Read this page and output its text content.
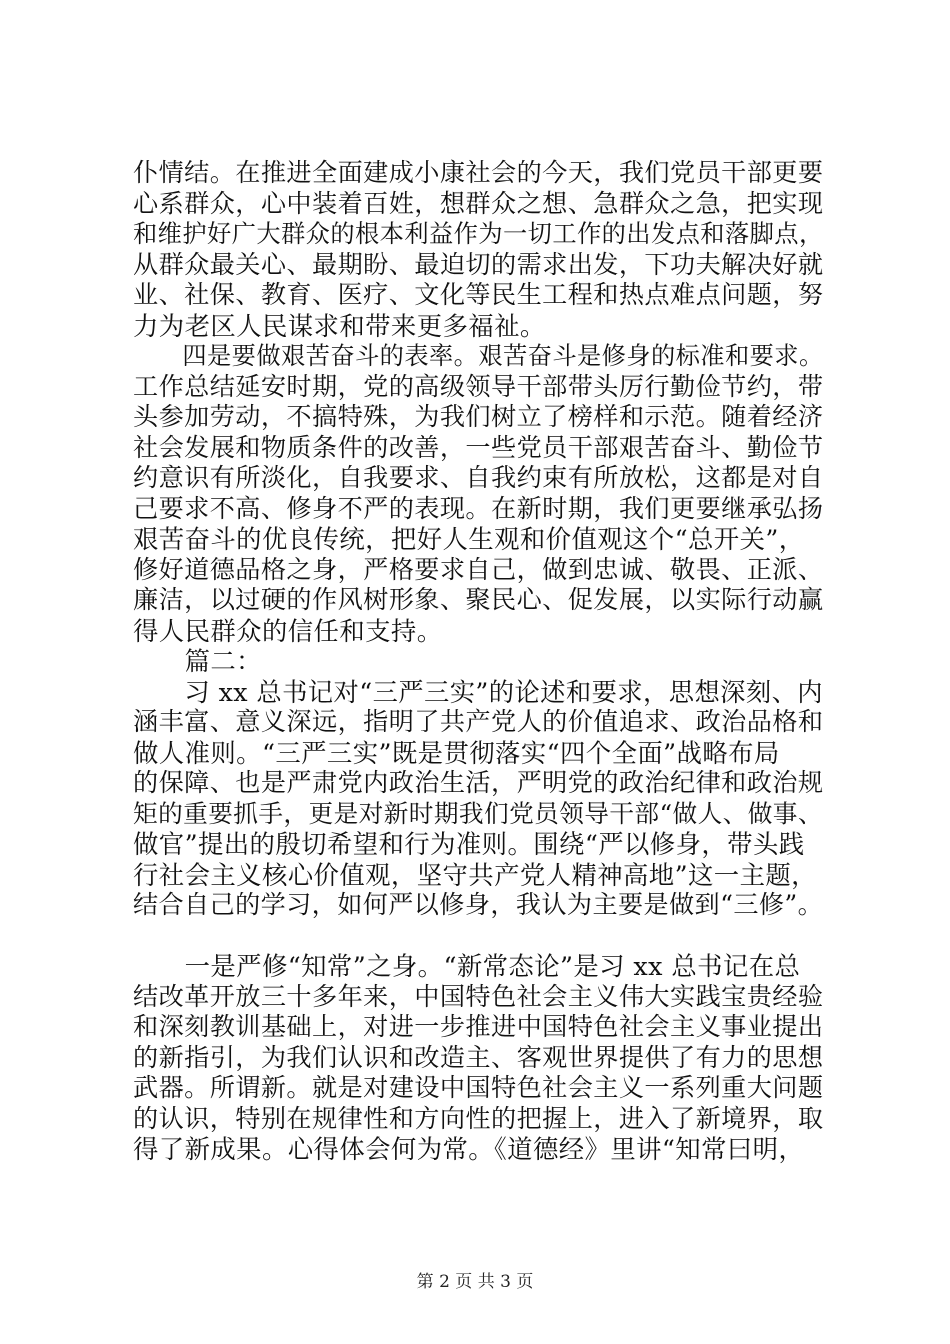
仆情结。在推进全面建成小康社会的今天，我们党员干部更要
心系群众，心中装着百姓，想群众之想、急群众之急，把实现
和维护好广大群众的根本利益作为一切工作的出发点和落脚点，
从群众最关心、最期盼、最迫切的需求出发，下功夫解决好就
业、社保、教育、医疗、文化等民生工程和热点难点问题，努
力为老区人民谋求和带来更多福祉。
　　四是要做艰苦奋斗的表率。艰苦奋斗是修身的标准和要求。
工作总结延安时期，党的高级领导干部带头厉行勤俭节约，带
头参加劳动，不搞特殊，为我们树立了榜样和示范。随着经济
社会发展和物质条件的改善，一些党员干部艰苦奋斗、勤俭节
约意识有所淡化，自我要求、自我约束有所放松，这都是对自
己要求不高、修身不严的表现。在新时期，我们更要继承弘扬
艰苦奋斗的优良传统，把好人生观和价值观这个“总开关”，
修好道德品格之身，严格要求自己，做到忠诚、敬畏、正派、
廉洁，以过硬的作风树形象、聚民心、促发展，以实际行动赢
得人民群众的信任和支持。
　　篇二：
　　习 xx 总书记对“三严三实”的论述和要求，思想深刻、内
涵丰富、意义深远，指明了共产党人的价值追求、政治品格和
做人准则。“三严三实”既是贯彻落实“四个全面”战略布局
的保障、也是严肃党内政治生活，严明党的政治纪律和政治规
矩的重要抓手，更是对新时期我们党员领导干部“做人、做事、
做官”提出的殷切希望和行为准则。围绕“严以修身，带头践
行社会主义核心价值观，坚守共产党人精神高地”这一主题，
结合自己的学习，如何严以修身，我认为主要是做到“三修”。
　　一是严修“知常”之身。“新常态论”是习 xx 总书记在总
结改革开放三十多年来，中国特色社会主义伟大实践宝贵经验
和深刻教训基础上，对进一步推进中国特色社会主义事业提出
的新指引，为我们认识和改造主、客观世界提供了有力的思想
武器。所谓新。就是对建设中国特色社会主义一系列重大问题
的认识，特别在规律性和方向性的把握上，进入了新境界，取
得了新成果。心得体会何为常。《道德经》里讲“知常曰明，
第 2 页 共 3 页
